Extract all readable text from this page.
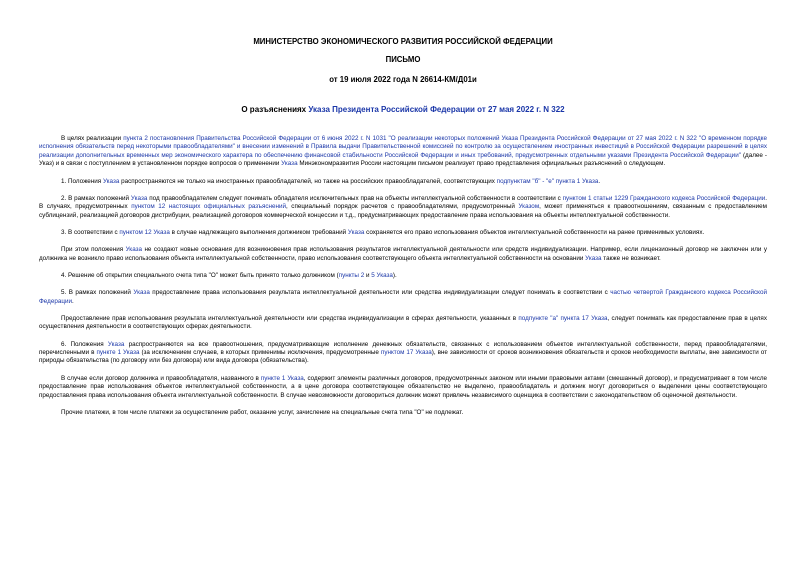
МИНИСТЕРСТВО ЭКОНОМИЧЕСКОГО РАЗВИТИЯ РОССИЙСКОЙ ФЕДЕРАЦИИ
ПИСЬМО
от 19 июля 2022 года N 26614-КМ/Д01и
О разъяснениях Указа Президента Российской Федерации от 27 мая 2022 г. N 322

В целях реализации пункта 2 постановления Правительства Российской Федерации от 6 июня 2022 г. N 1031 "О реализации некоторых положений Указа Президента Российской Федерации от 27 мая 2022 г. N 322 "О временном порядке исполнения обязательств перед некоторыми правообладателями" и внесении изменений в Правила выдачи Правительственной комиссией по контролю за осуществлением иностранных инвестиций в Российской Федерации разрешений в целях реализации дополнительных временных мер экономического характера по обеспечению финансовой стабильности Российской Федерации и иных требований, предусмотренных отдельными указами Президента Российской Федерации" (далее - Указ) и в связи с поступлением в установленном порядке вопросов о применении Указа Минэкономразвития России настоящим письмом реализует право представления официальных разъяснений о следующем.

1. Положения Указа распространяются не только на иностранных правообладателей, но также на российских правообладателей, соответствующих подпунктам "б" - "е" пункта 1 Указа.

2. В рамках положений Указа под правообладателем следует понимать обладателя исключительных прав на объекты интеллектуальной собственности в соответствии с пунктом 1 статьи 1229 Гражданского кодекса Российской Федерации. В случаях, предусмотренных пунктом 12 настоящих официальных разъяснений, специальный порядок расчетов с правообладателями, предусмотренный Указом, может применяться к правоотношениям, связанным с предоставлением сублицензий, реализацией договоров дистрибуции, реализацией договоров коммерческой концессии и т.д., предусматривающих предоставление права использования на объекты интеллектуальной собственности.

3. В соответствии с пунктом 12 Указа в случае надлежащего выполнения должником требований Указа сохраняется его право использования объектов интеллектуальной собственности на ранее применимых условиях.

При этом положения Указа не создают новые основания для возникновения прав использования результатов интеллектуальной деятельности или средств индивидуализации. Например, если лицензионный договор не заключен или у должника не возникло право использования объекта интеллектуальной собственности, право использования соответствующего объекта интеллектуальной собственности на основании Указа также не возникает.

4. Решение об открытии специального счета типа "О" может быть принято только должником (пункты 2 и 5 Указа).

5. В рамках положений Указа предоставление права использования результата интеллектуальной деятельности или средства индивидуализации следует понимать в соответствии с частью четвертой Гражданского кодекса Российской Федерации.

Предоставление прав использования результата интеллектуальной деятельности или средства индивидуализации в сферах деятельности, указанных в подпункте "а" пункта 17 Указа, следует понимать как предоставление прав в целях осуществления деятельности в соответствующих сферах деятельности.

6. Положения Указа распространяются на все правоотношения, предусматривающие исполнение денежных обязательств, связанных с использованием объектов интеллектуальной собственности, перед правообладателями, перечисленными в пункте 1 Указа (за исключением случаев, в которых применимы исключения, предусмотренные пунктом 17 Указа), вне зависимости от сроков возникновения обязательств и сроков необходимости выплаты, вне зависимости от природы обязательства (по договору или без договора) или вида договора (обязательства).

В случае если договор должника и правообладателя, названного в пункте 1 Указа, содержит элементы различных договоров, предусмотренных законом или иными правовыми актами (смешанный договор), и предусматривает в том числе предоставление прав использования объектов интеллектуальной собственности, а в цене договора соответствующее обязательство не выделено, правообладатель и должник могут договориться о выделении цены соответствующего предоставления права использования объекта интеллектуальной собственности. В случае невозможности договориться должник может привлечь независимого оценщика в соответствии с законодательством об оценочной деятельности.

Прочие платежи, в том числе платежи за осуществление работ, оказание услуг, зачисление на специальные счета типа "О" не подлежат.
